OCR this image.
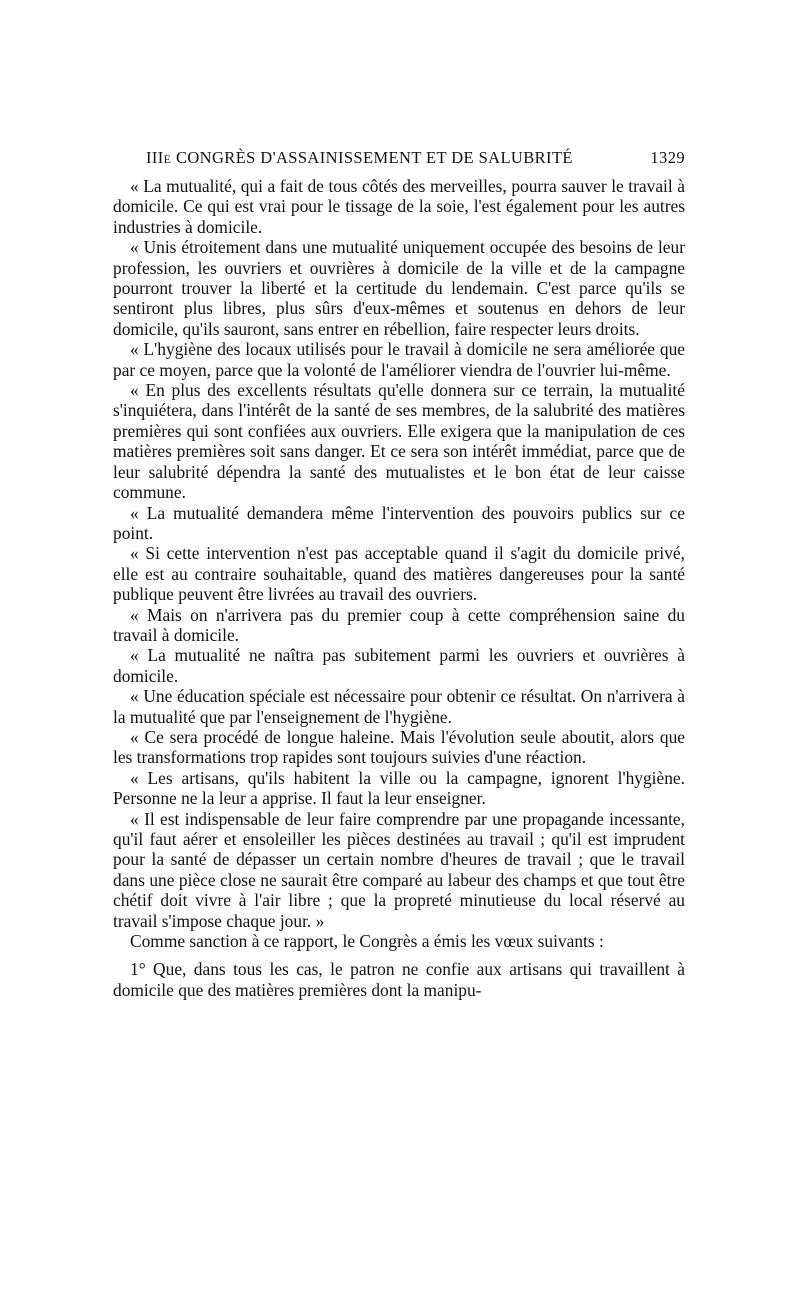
IIIe CONGRÈS D'ASSAINISSEMENT ET DE SALUBRITÉ	1329

« La mutualité, qui a fait de tous côtés des merveilles, pourra sauver le travail à domicile. Ce qui est vrai pour le tissage de la soie, l'est également pour les autres industries à domicile.

« Unis étroitement dans une mutualité uniquement occupée des besoins de leur profession, les ouvriers et ouvrières à domicile de la ville et de la campagne pourront trouver la liberté et la certitude du lendemain. C'est parce qu'ils se sentiront plus libres, plus sûrs d'eux-mêmes et soutenus en dehors de leur domicile, qu'ils sauront, sans entrer en rébellion, faire respecter leurs droits.

« L'hygiène des locaux utilisés pour le travail à domicile ne sera améliorée que par ce moyen, parce que la volonté de l'améliorer viendra de l'ouvrier lui-même.

« En plus des excellents résultats qu'elle donnera sur ce terrain, la mutualité s'inquiétera, dans l'intérêt de la santé de ses membres, de la salubrité des matières premières qui sont confiées aux ouvriers. Elle exigera que la manipulation de ces matières premières soit sans danger. Et ce sera son intérêt immédiat, parce que de leur salubrité dépendra la santé des mutualistes et le bon état de leur caisse commune.

« La mutualité demandera même l'intervention des pouvoirs publics sur ce point.

« Si cette intervention n'est pas acceptable quand il s'agit du domicile privé, elle est au contraire souhaitable, quand des matières dangereuses pour la santé publique peuvent être livrées au travail des ouvriers.

« Mais on n'arrivera pas du premier coup à cette compréhension saine du travail à domicile.

« La mutualité ne naîtra pas subitement parmi les ouvriers et ouvrières à domicile.

« Une éducation spéciale est nécessaire pour obtenir ce résultat. On n'arrivera à la mutualité que par l'enseignement de l'hygiène.

« Ce sera procédé de longue haleine. Mais l'évolution seule aboutit, alors que les transformations trop rapides sont toujours suivies d'une réaction.

« Les artisans, qu'ils habitent la ville ou la campagne, ignorent l'hygiène. Personne ne la leur a apprise. Il faut la leur enseigner.

« Il est indispensable de leur faire comprendre par une propagande incessante, qu'il faut aérer et ensoleiller les pièces destinées au travail ; qu'il est imprudent pour la santé de dépasser un certain nombre d'heures de travail ; que le travail dans une pièce close ne saurait être comparé au labeur des champs et que tout être chétif doit vivre à l'air libre ; que la propreté minutieuse du local réservé au travail s'impose chaque jour. »

Comme sanction à ce rapport, le Congrès a émis les vœux suivants :

1° Que, dans tous les cas, le patron ne confie aux artisans qui travaillent à domicile que des matières premières dont la manipu-
